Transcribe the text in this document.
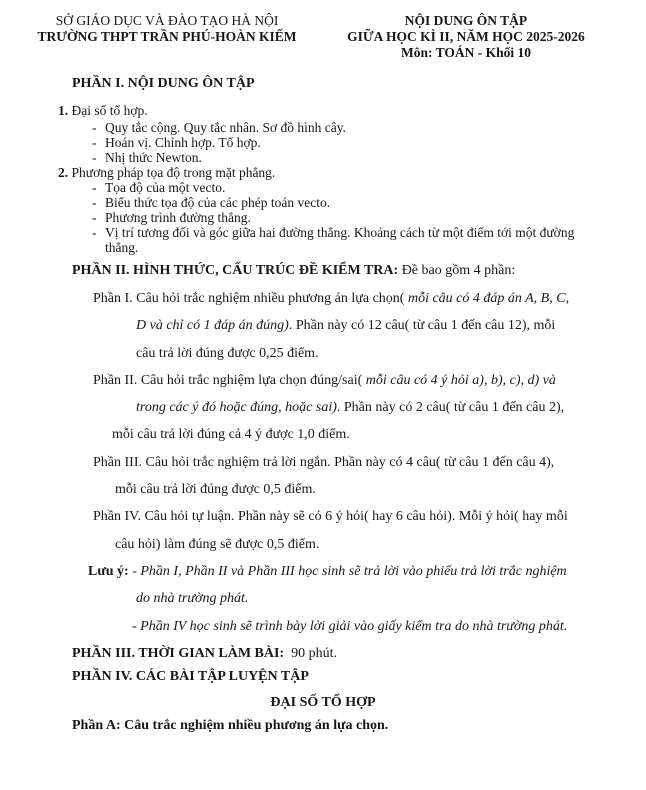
SỞ GIÁO DỤC VÀ ĐÀO TẠO HÀ NỘI
TRƯỜNG THPT TRẦN PHÚ-HOÀN KIẾM
NỘI DUNG ÔN TẬP
GIỮA HỌC KÌ II, NĂM HỌC 2025-2026
Môn: TOÁN - Khối 10
PHẦN I. NỘI DUNG ÔN TẬP
1. Đại số tổ hợp.
- Quy tắc cộng. Quy tắc nhân. Sơ đồ hình cây.
- Hoán vị. Chỉnh hợp. Tổ hợp.
- Nhị thức Newton.
2. Phương pháp tọa độ trong mặt phẳng.
- Tọa độ của một vecto.
- Biểu thức tọa độ của các phép toán vecto.
- Phương trình đường thẳng.
- Vị trí tương đối và góc giữa hai đường thẳng. Khoảng cách từ một điểm tới một đường
thẳng.
PHẦN II. HÌNH THỨC, CẤU TRÚC ĐỀ KIỂM TRA: Đề bao gồm 4 phần:
Phần I. Câu hỏi trắc nghiệm nhiều phương án lựa chọn( mỗi câu có 4 đáp án A, B, C,
D và chỉ có 1 đáp án đúng). Phần này có 12 câu( từ câu 1 đến câu 12), mỗi
câu trả lời đúng được 0,25 điểm.
Phần II. Câu hỏi trắc nghiệm lựa chọn đúng/sai( mỗi câu có 4 ý hỏi a), b), c), d) và
trong các ý đó hoặc đúng, hoặc sai). Phần này có 2 câu( từ câu 1 đến câu 2),
mỗi câu trả lời đúng cả 4 ý được 1,0 điểm.
Phần III. Câu hỏi trắc nghiệm trả lời ngắn. Phần này có 4 câu( từ câu 1 đến câu 4),
mỗi câu trả lời đúng được 0,5 điểm.
Phần IV. Câu hỏi tự luận. Phần này sẽ có 6 ý hỏi( hay 6 câu hỏi). Mỗi ý hỏi( hay mỗi
câu hỏi) làm đúng sẽ được 0,5 điểm.
Lưu ý: - Phần I, Phần II và Phần III học sinh sẽ trả lời vào phiếu trả lời trắc nghiệm
do nhà trường phát.
- Phần IV học sinh sẽ trình bày lời giải vào giấy kiểm tra do nhà trường phát.
PHẦN III. THỜI GIAN LÀM BÀI:  90 phút.
PHẦN IV. CÁC BÀI TẬP LUYỆN TẬP
ĐẠI SỐ TỔ HỢP
Phần A: Câu trắc nghiệm nhiều phương án lựa chọn.
